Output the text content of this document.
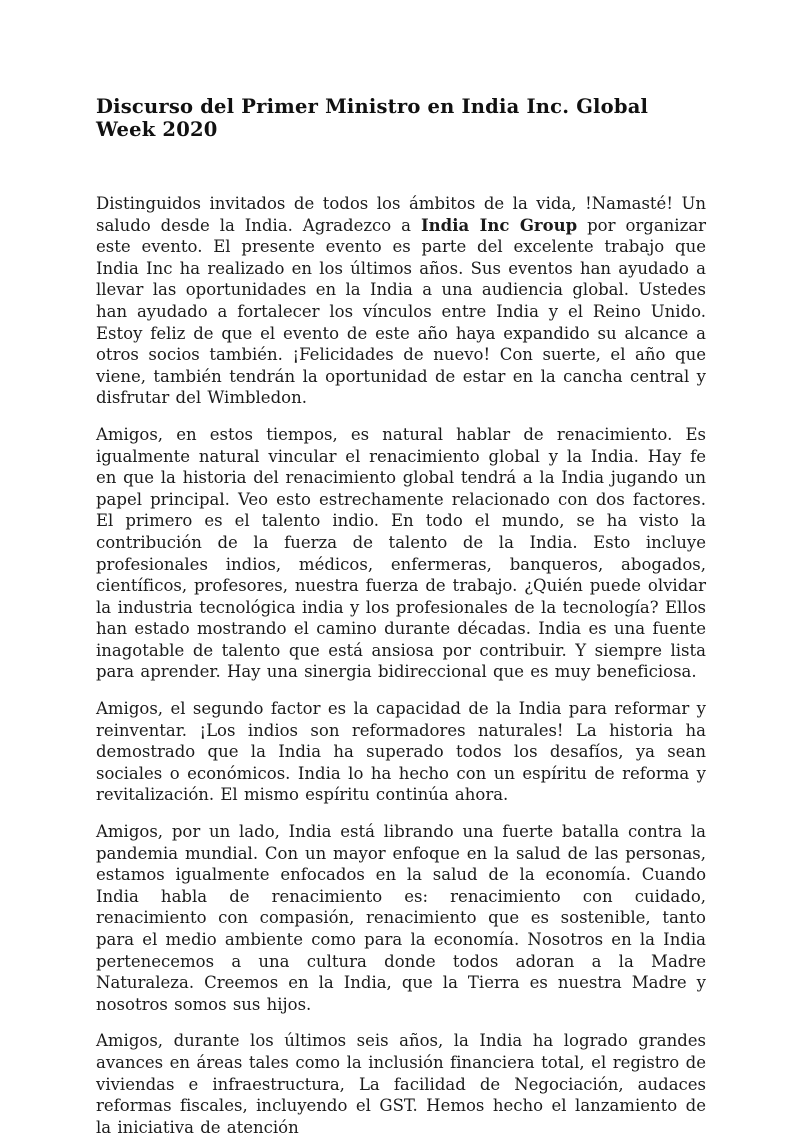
Discurso del Primer Ministro en India Inc. Global Week 2020

Distinguidos invitados de todos los ámbitos de la vida, !Namasté! Un saludo desde la India. Agradezco a India Inc Group por organizar este evento. El presente evento es parte del excelente trabajo que India Inc ha realizado en los últimos años. Sus eventos han ayudado a llevar las oportunidades en la India a una audiencia global. Ustedes han ayudado a fortalecer los vínculos entre India y el Reino Unido. Estoy feliz de que el evento de este año haya expandido su alcance a otros socios también. ¡Felicidades de nuevo! Con suerte, el año que viene, también tendrán la oportunidad de estar en la cancha central y disfrutar del Wimbledon.

Amigos, en estos tiempos, es natural hablar de renacimiento. Es igualmente natural vincular el renacimiento global y la India. Hay fe en que la historia del renacimiento global tendrá a la India jugando un papel principal. Veo esto estrechamente relacionado con dos factores. El primero es el talento indio. En todo el mundo, se ha visto la contribución de la fuerza de talento de la India. Esto incluye profesionales indios, médicos, enfermeras, banqueros, abogados, científicos, profesores, nuestra fuerza de trabajo. ¿Quién puede olvidar la industria tecnológica india y los profesionales de la tecnología? Ellos han estado mostrando el camino durante décadas. India es una fuente inagotable de talento que está ansiosa por contribuir. Y siempre lista para aprender. Hay una sinergia bidireccional que es muy beneficiosa.

Amigos, el segundo factor es la capacidad de la India para reformar y reinventar. ¡Los indios son reformadores naturales! La historia ha demostrado que la India ha superado todos los desafíos, ya sean sociales o económicos. India lo ha hecho con un espíritu de reforma y revitalización. El mismo espíritu continúa ahora.

Amigos, por un lado, India está librando una fuerte batalla contra la pandemia mundial. Con un mayor enfoque en la salud de las personas, estamos igualmente enfocados en la salud de la economía. Cuando India habla de renacimiento es: renacimiento con cuidado, renacimiento con compasión, renacimiento que es sostenible, tanto para el medio ambiente como para la economía. Nosotros en la India pertenecemos a una cultura donde todos adoran a la Madre Naturaleza. Creemos en la India, que la Tierra es nuestra Madre y nosotros somos sus hijos.

Amigos, durante los últimos seis años, la India ha logrado grandes avances en áreas tales como la inclusión financiera total, el registro de viviendas e infraestructura, La facilidad de Negociación, audaces reformas fiscales, incluyendo el GST. Hemos hecho el lanzamiento de la iniciativa de atención
